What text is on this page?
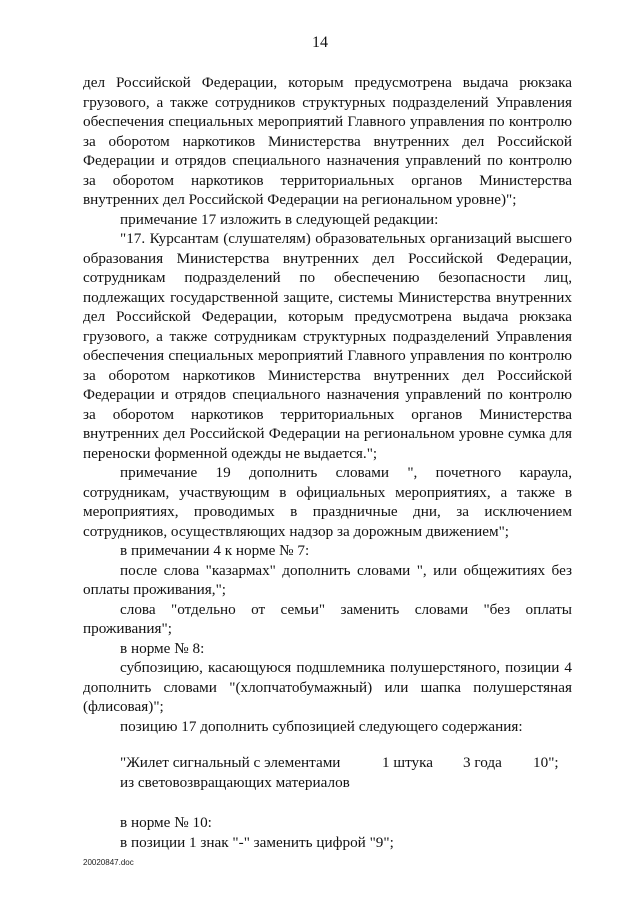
14

дел Российской Федерации, которым предусмотрена выдача рюкзака грузового, а также сотрудников структурных подразделений Управления обеспечения специальных мероприятий Главного управления по контролю за оборотом наркотиков Министерства внутренних дел Российской Федерации и отрядов специального назначения управлений по контролю за оборотом наркотиков территориальных органов Министерства внутренних дел Российской Федерации на региональном уровне)";

примечание 17 изложить в следующей редакции:

"17. Курсантам (слушателям) образовательных организаций высшего образования Министерства внутренних дел Российской Федерации, сотрудникам подразделений по обеспечению безопасности лиц, подлежащих государственной защите, системы Министерства внутренних дел Российской Федерации, которым предусмотрена выдача рюкзака грузового, а также сотрудникам структурных подразделений Управления обеспечения специальных мероприятий Главного управления по контролю за оборотом наркотиков Министерства внутренних дел Российской Федерации и отрядов специального назначения управлений по контролю за оборотом наркотиков территориальных органов Министерства внутренних дел Российской Федерации на региональном уровне сумка для переноски форменной одежды не выдается.";

примечание 19 дополнить словами ", почетного караула, сотрудникам, участвующим в официальных мероприятиях, а также в мероприятиях, проводимых в праздничные дни, за исключением сотрудников, осуществляющих надзор за дорожным движением";

в примечании 4 к норме № 7:

после слова "казармах" дополнить словами ", или общежитиях без оплаты проживания,";

слова "отдельно от семьи" заменить словами "без оплаты проживания";

в норме № 8:

субпозицию, касающуюся подшлемника полушерстяного, позиции 4 дополнить словами "(хлопчатобумажный) или шапка полушерстяная (флисовая)";

позицию 17 дополнить субпозицией следующего содержания:

"Жилет сигнальный с элементами	1 штука 3 года 10";
из световозвращающих материалов

в норме № 10:

в позиции 1 знак "-" заменить цифрой "9";

20020847.doc
